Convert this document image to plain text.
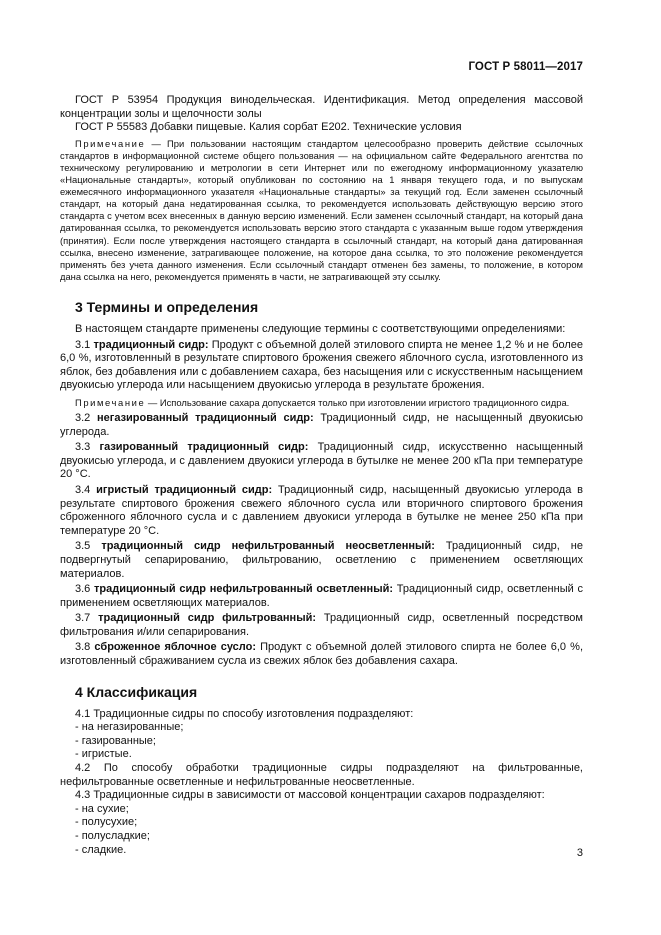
ГОСТ Р 58011—2017

ГОСТ Р 53954 Продукция винодельческая. Идентификация. Метод определения массовой концентрации золы и щелочности золы

ГОСТ Р 55583 Добавки пищевые. Калия сорбат Е202. Технические условия

Примечание — При пользовании настоящим стандартом целесообразно проверить действие ссылочных стандартов в информационной системе общего пользования — на официальном сайте Федерального агентства по техническому регулированию и метрологии в сети Интернет или по ежегодному информационному указателю «Национальные стандарты», который опубликован по состоянию на 1 января текущего года, и по выпускам ежемесячного информационного указателя «Национальные стандарты» за текущий год. Если заменен ссылочный стандарт, на который дана недатированная ссылка, то рекомендуется использовать действующую версию этого стандарта с учетом всех внесенных в данную версию изменений. Если заменен ссылочный стандарт, на который дана датированная ссылка, то рекомендуется использовать версию этого стандарта с указанным выше годом утверждения (принятия). Если после утверждения настоящего стандарта в ссылочный стандарт, на который дана датированная ссылка, внесено изменение, затрагивающее положение, на которое дана ссылка, то это положение рекомендуется применять без учета данного изменения. Если ссылочный стандарт отменен без замены, то положение, в котором дана ссылка на него, рекомендуется применять в части, не затрагивающей эту ссылку.

3 Термины и определения

В настоящем стандарте применены следующие термины с соответствующими определениями:

3.1 традиционный сидр: Продукт с объемной долей этилового спирта не менее 1,2 % и не более 6,0 %, изготовленный в результате спиртового брожения свежего яблочного сусла, изготовленного из яблок, без добавления или с добавлением сахара, без насыщения или с искусственным насыщением двуокисью углерода или насыщением двуокисью углерода в результате брожения.

Примечание — Использование сахара допускается только при изготовлении игристого традиционного сидра.

3.2 негазированный традиционный сидр: Традиционный сидр, не насыщенный двуокисью углерода.

3.3 газированный традиционный сидр: Традиционный сидр, искусственно насыщенный двуокисью углерода, и с давлением двуокиси углерода в бутылке не менее 200 кПа при температуре 20 °С.

3.4 игристый традиционный сидр: Традиционный сидр, насыщенный двуокисью углерода в результате спиртового брожения свежего яблочного сусла или вторичного спиртового брожения сброженного яблочного сусла и с давлением двуокиси углерода в бутылке не менее 250 кПа при температуре 20 °С.

3.5 традиционный сидр нефильтрованный неосветленный: Традиционный сидр, не подвергнутый сепарированию, фильтрованию, осветлению с применением осветляющих материалов.

3.6 традиционный сидр нефильтрованный осветленный: Традиционный сидр, осветленный с применением осветляющих материалов.

3.7 традиционный сидр фильтрованный: Традиционный сидр, осветленный посредством фильтрования и/или сепарирования.

3.8 сброженное яблочное сусло: Продукт с объемной долей этилового спирта не более 6,0 %, изготовленный сбраживанием сусла из свежих яблок без добавления сахара.

4 Классификация

4.1 Традиционные сидры по способу изготовления подразделяют:

- на негазированные;

- газированные;

- игристые.

4.2 По способу обработки традиционные сидры подразделяют на фильтрованные, нефильтрованные осветленные и нефильтрованные неосветленные.

4.3 Традиционные сидры в зависимости от массовой концентрации сахаров подразделяют:

- на сухие;

- полусухие;

- полусладкие;

- сладкие.	3
